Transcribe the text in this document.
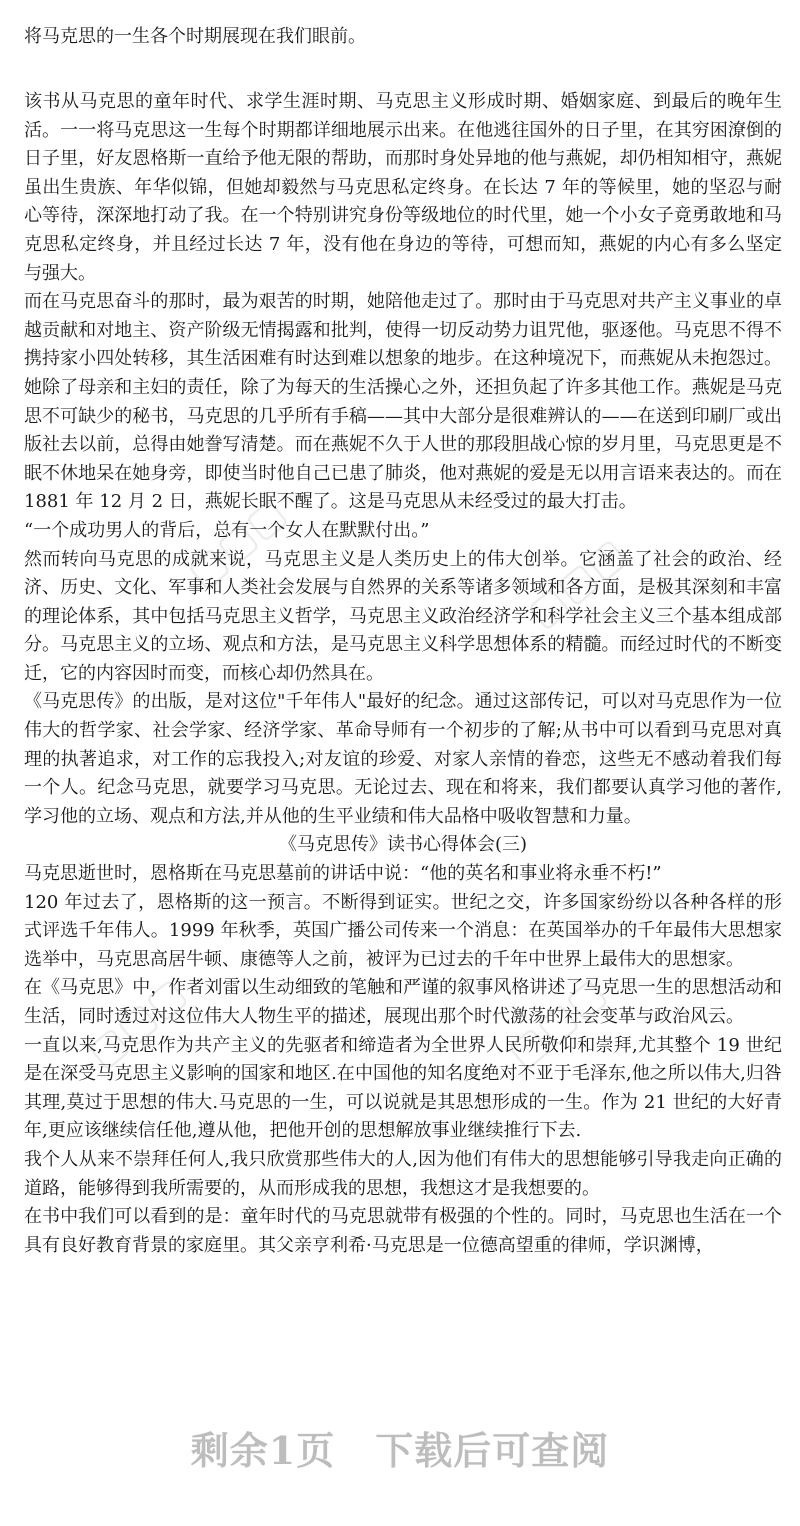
▢▢▢	▢▢▢
▢▢▢	▢▢▢
将马克思的一生各个时期展现在我们眼前。

该书从马克思的童年时代、求学生涯时期、马克思主义形成时期、婚姻家庭、到最后的晚年生活。一一将马克思这一生每个时期都详细地展示出来。在他逃往国外的日子里，在其穷困潦倒的日子里，好友恩格斯一直给予他无限的帮助，而那时身处异地的他与燕妮，却仍相知相守，燕妮虽出生贵族、年华似锦，但她却毅然与马克思私定终身。在长达 7 年的等候里，她的坚忍与耐心等待，深深地打动了我。在一个特别讲究身份等级地位的时代里，她一个小女子竟勇敢地和马克思私定终身，并且经过长达 7 年，没有他在身边的等待，可想而知，燕妮的内心有多么坚定与强大。

而在马克思奋斗的那时，最为艰苦的时期，她陪他走过了。那时由于马克思对共产主义事业的卓越贡献和对地主、资产阶级无情揭露和批判，使得一切反动势力诅咒他，驱逐他。马克思不得不携持家小四处转移，其生活困难有时达到难以想象的地步。在这种境况下，而燕妮从未抱怨过。她除了母亲和主妇的责任，除了为每天的生活操心之外，还担负起了许多其他工作。燕妮是马克思不可缺少的秘书，马克思的几乎所有手稿——其中大部分是很难辨认的——在送到印刷厂或出版社去以前，总得由她誊写清楚。而在燕妮不久于人世的那段胆战心惊的岁月里，马克思更是不眠不休地呆在她身旁，即使当时他自己已患了肺炎，他对燕妮的爱是无以用言语来表达的。而在 1881 年 12 月 2 日，燕妮长眠不醒了。这是马克思从未经受过的最大打击。

“一个成功男人的背后，总有一个女人在默默付出。”

然而转向马克思的成就来说，马克思主义是人类历史上的伟大创举。它涵盖了社会的政治、经济、历史、文化、军事和人类社会发展与自然界的关系等诸多领域和各方面，是极其深刻和丰富的理论体系，其中包括马克思主义哲学，马克思主义政治经济学和科学社会主义三个基本组成部分。马克思主义的立场、观点和方法，是马克思主义科学思想体系的精髓。而经过时代的不断变迁，它的内容因时而变，而核心却仍然具在。

《马克思传》的出版，是对这位"千年伟人"最好的纪念。通过这部传记，可以对马克思作为一位伟大的哲学家、社会学家、经济学家、革命导师有一个初步的了解;从书中可以看到马克思对真理的执著追求，对工作的忘我投入;对友谊的珍爱、对家人亲情的眷恋，这些无不感动着我们每一个人。纪念马克思，就要学习马克思。无论过去、现在和将来，我们都要认真学习他的著作,学习他的立场、观点和方法,并从他的生平业绩和伟大品格中吸收智慧和力量。

《马克思传》读书心得体会(三)

马克思逝世时，恩格斯在马克思墓前的讲话中说：“他的英名和事业将永垂不朽!”

120 年过去了，恩格斯的这一预言。不断得到证实。世纪之交，许多国家纷纷以各种各样的形式评选千年伟人。1999 年秋季，英国广播公司传来一个消息：在英国举办的千年最伟大思想家选举中，马克思高居牛顿、康德等人之前，被评为已过去的千年中世界上最伟大的思想家。

在《马克思》中，作者刘雷以生动细致的笔触和严谨的叙事风格讲述了马克思一生的思想活动和生活，同时透过对这位伟大人物生平的描述，展现出那个时代激荡的社会变革与政治风云。

一直以来,马克思作为共产主义的先驱者和缔造者为全世界人民所敬仰和崇拜,尤其整个 19 世纪是在深受马克思主义影响的国家和地区.在中国他的知名度绝对不亚于毛泽东,他之所以伟大,归咎其理,莫过于思想的伟大.马克思的一生，可以说就是其思想形成的一生。作为 21 世纪的大好青年,更应该继续信任他,遵从他，把他开创的思想解放事业继续推行下去.

我个人从来不崇拜任何人,我只欣赏那些伟大的人,因为他们有伟大的思想能够引导我走向正确的道路，能够得到我所需要的，从而形成我的思想，我想这才是我想要的。

在书中我们可以看到的是：童年时代的马克思就带有极强的个性的。同时，马克思也生活在一个具有良好教育背景的家庭里。其父亲亨利希·马克思是一位德高望重的律师，学识渊博，

剩余1页 下载后可查阅
